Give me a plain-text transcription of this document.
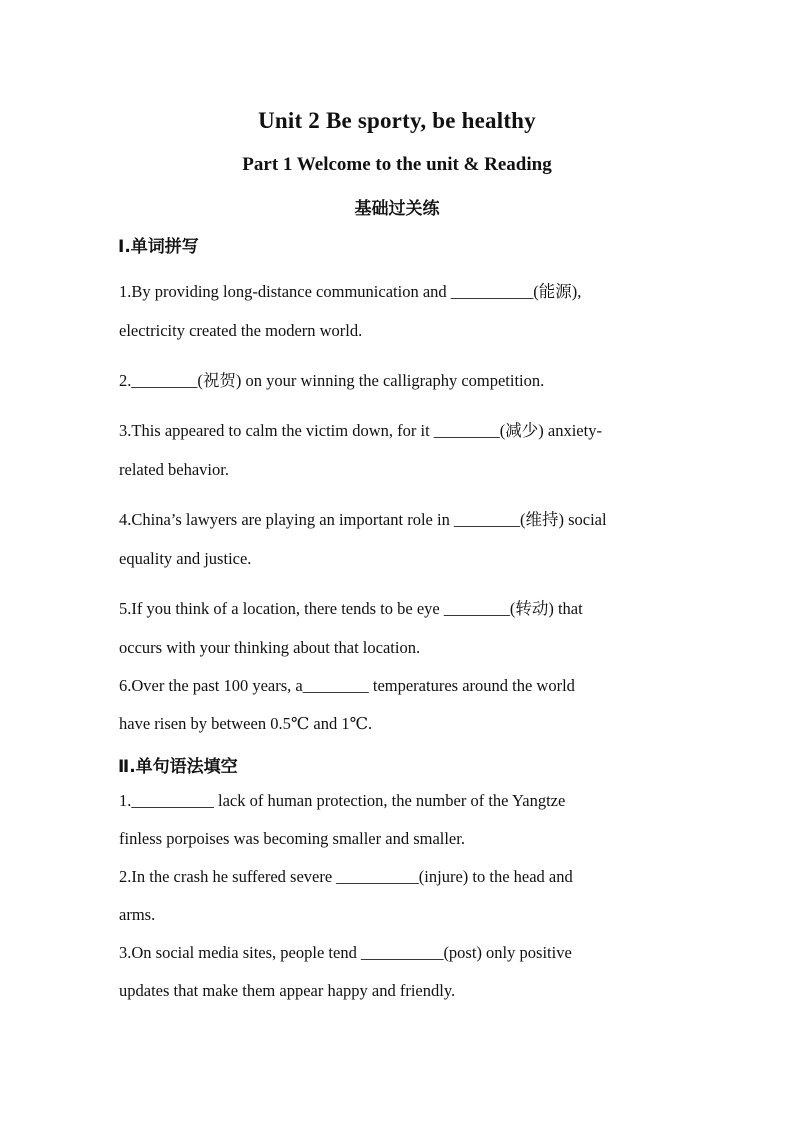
Unit 2 Be sporty, be healthy
Part 1 Welcome to the unit & Reading
基础过关练
Ⅰ.单词拼写
1.By providing long-distance communication and __________(能源),
electricity created the modern world.
2.________(祝贺) on your winning the calligraphy competition.
3.This appeared to calm the victim down, for it ________(减少) anxiety-
related behavior.
4.China’s lawyers are playing an important role in ________(维持) social
equality and justice.
5.If you think of a location, there tends to be eye ________(转动) that
occurs with your thinking about that location.
6.Over the past 100 years, a________ temperatures around the world
have risen by between 0.5℃ and 1℃.
Ⅱ.单句语法填空
1.__________ lack of human protection, the number of the Yangtze
finless porpoises was becoming smaller and smaller.
2.In the crash he suffered severe __________(injure) to the head and
arms.
3.On social media sites, people tend __________(post) only positive
updates that make them appear happy and friendly.
